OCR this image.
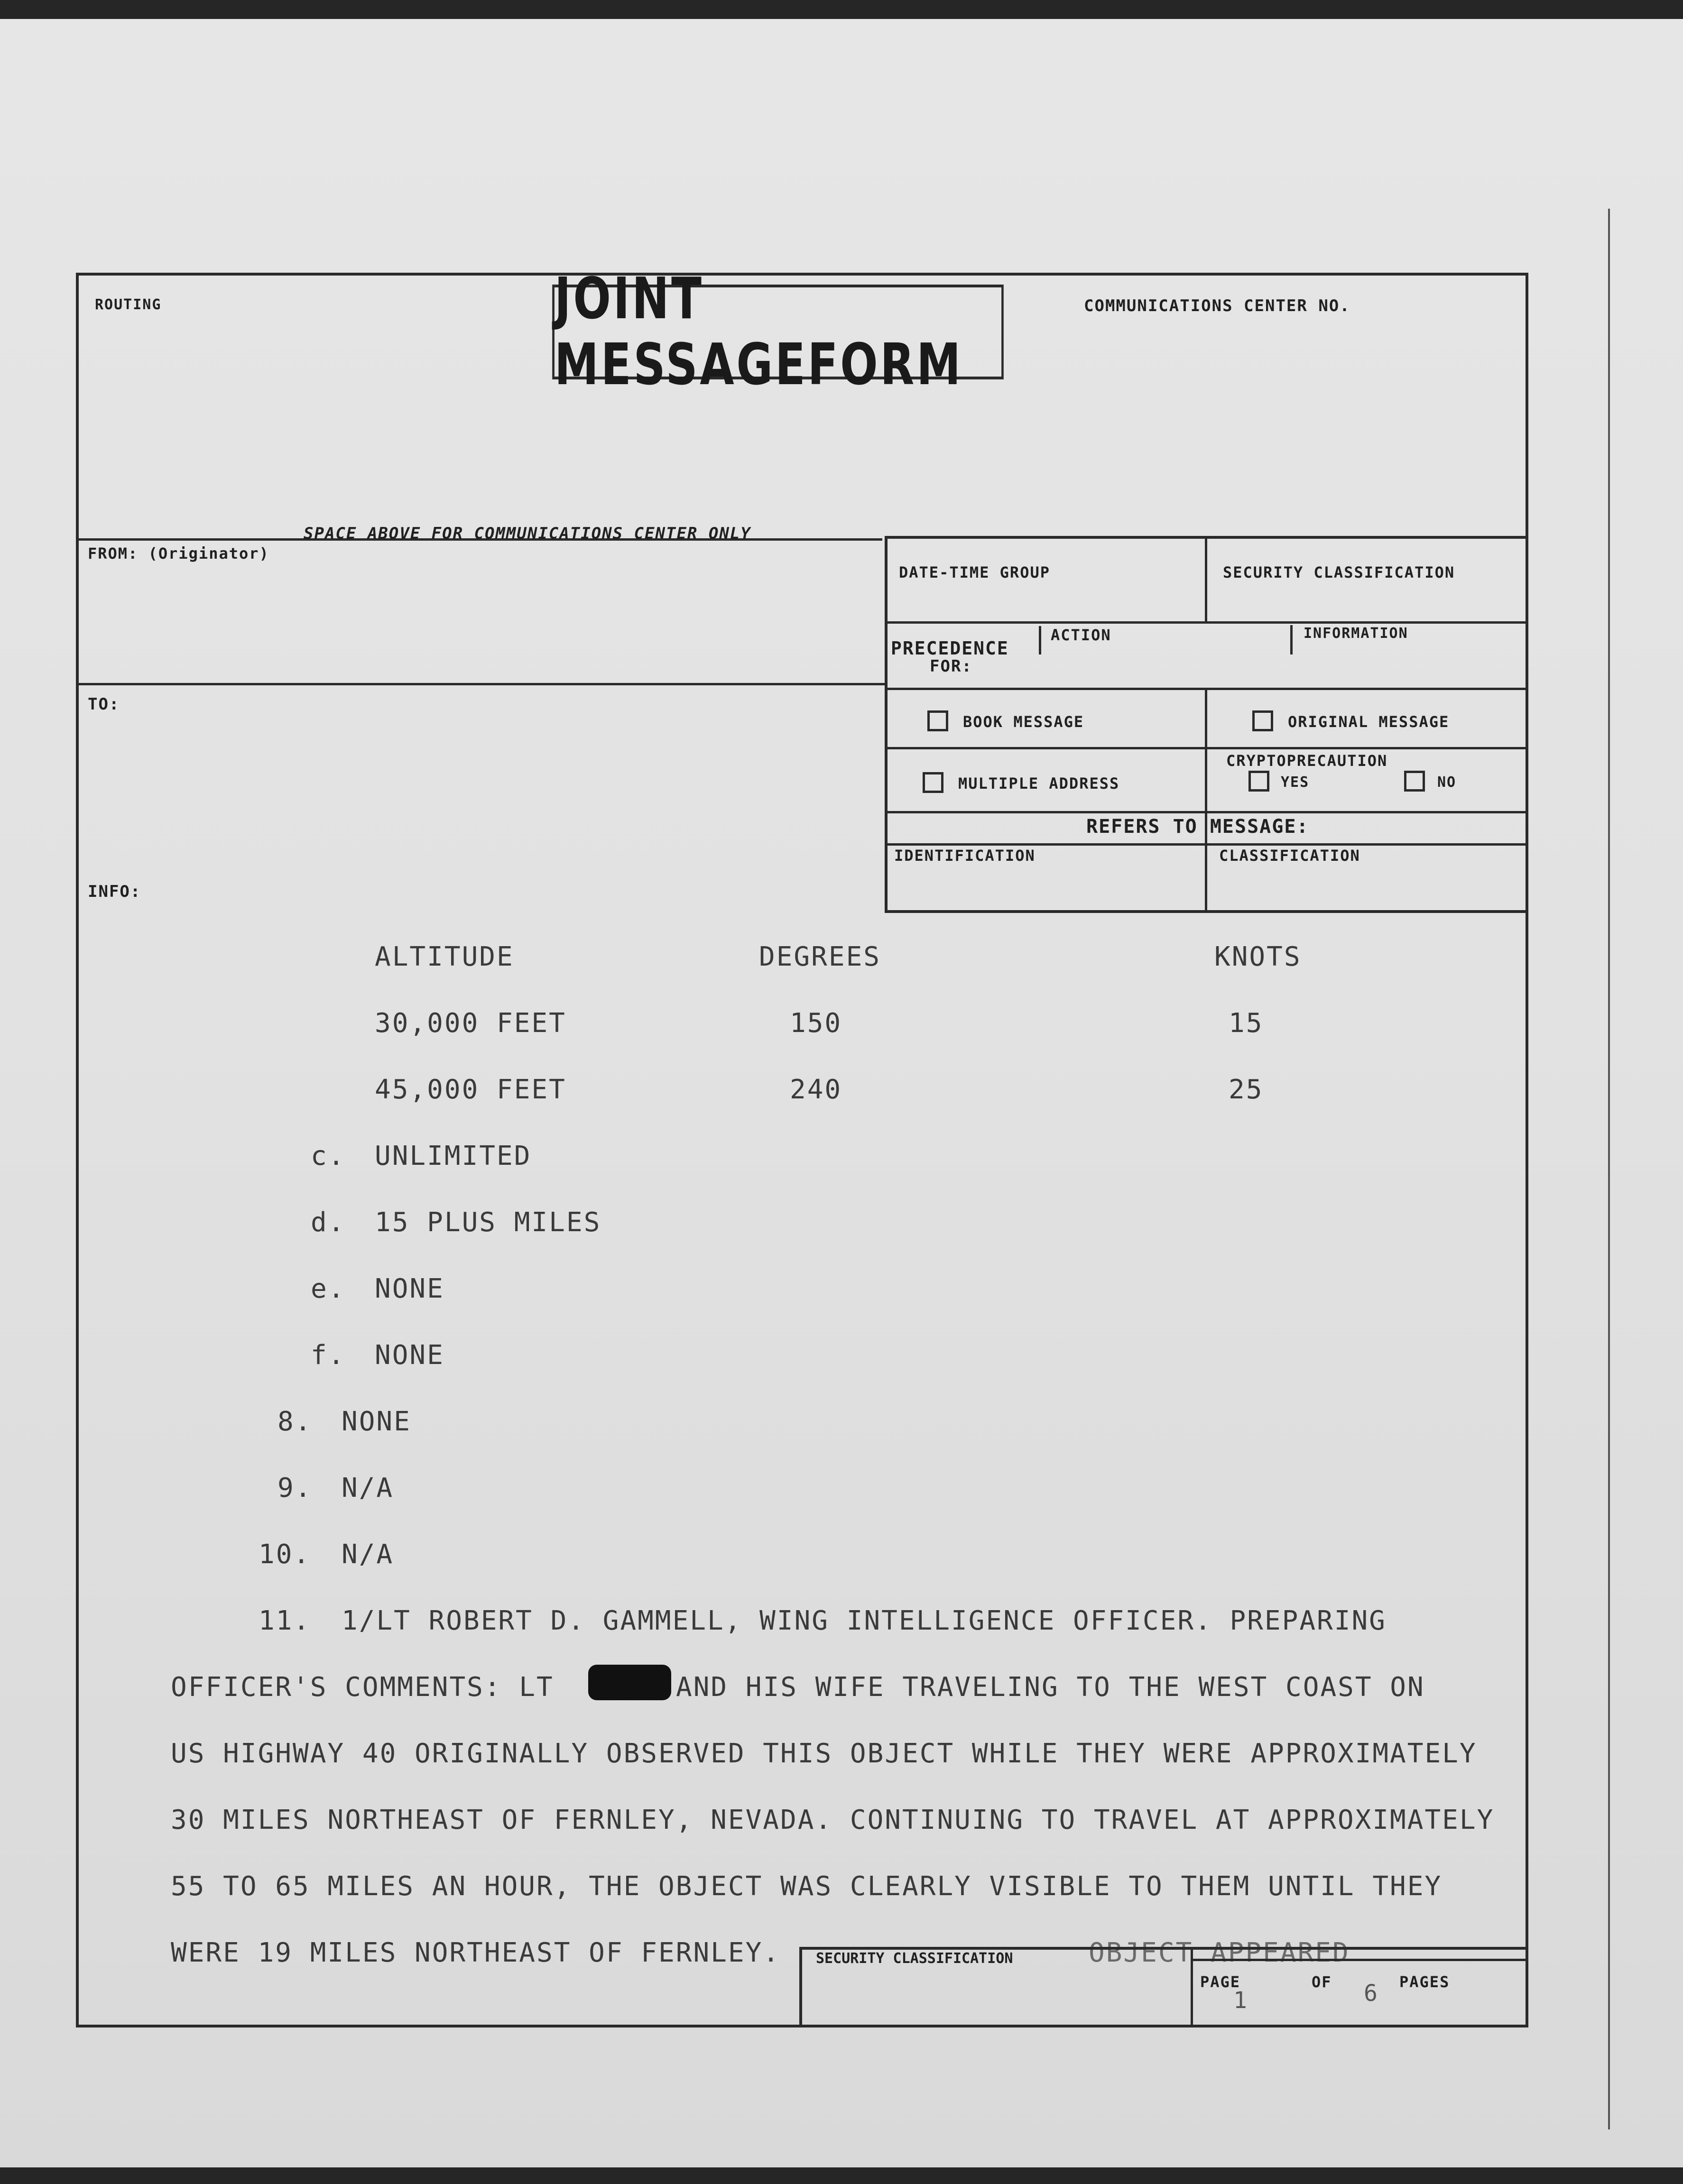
JOINT MESSAGEFORM
ROUTING	COMMUNICATIONS CENTER NO.
SPACE ABOVE FOR COMMUNICATIONS CENTER ONLY
FROM: (Originator)
DATE-TIME GROUP	SECURITY CLASSIFICATION
PRECEDENCE
FOR:
ACTION	INFORMATION
BOOK MESSAGE	ORIGINAL MESSAGE
MULTIPLE ADDRESS
CRYPTOPRECAUTION
YES	NO
REFERS TO MESSAGE:
IDENTIFICATION	CLASSIFICATION
TO:
INFO:
ALTITUDE	DEGREES	KNOTS
30,000 FEET	150	15
45,000 FEET	240	25
c. UNLIMITED
d. 15 PLUS MILES
e. NONE
f. NONE
8. NONE
9. N/A
10. N/A
11. 1/LT ROBERT D. GAMMELL, WING INTELLIGENCE OFFICER. PREPARING
OFFICER'S COMMENTS: LT	AND HIS WIFE TRAVELING TO THE WEST COAST ON
US HIGHWAY 40 ORIGINALLY OBSERVED THIS OBJECT WHILE THEY WERE APPROXIMATELY
30 MILES NORTHEAST OF FERNLEY, NEVADA. CONTINUING TO TRAVEL AT APPROXIMATELY
55 TO 65 MILES AN HOUR, THE OBJECT WAS CLEARLY VISIBLE TO THEM UNTIL THEY
WERE 19 MILES NORTHEAST OF FERNLEY.	OBJECT APPEARED
SECURITY CLASSIFICATION
PAGE	OF	PAGES
1	6
